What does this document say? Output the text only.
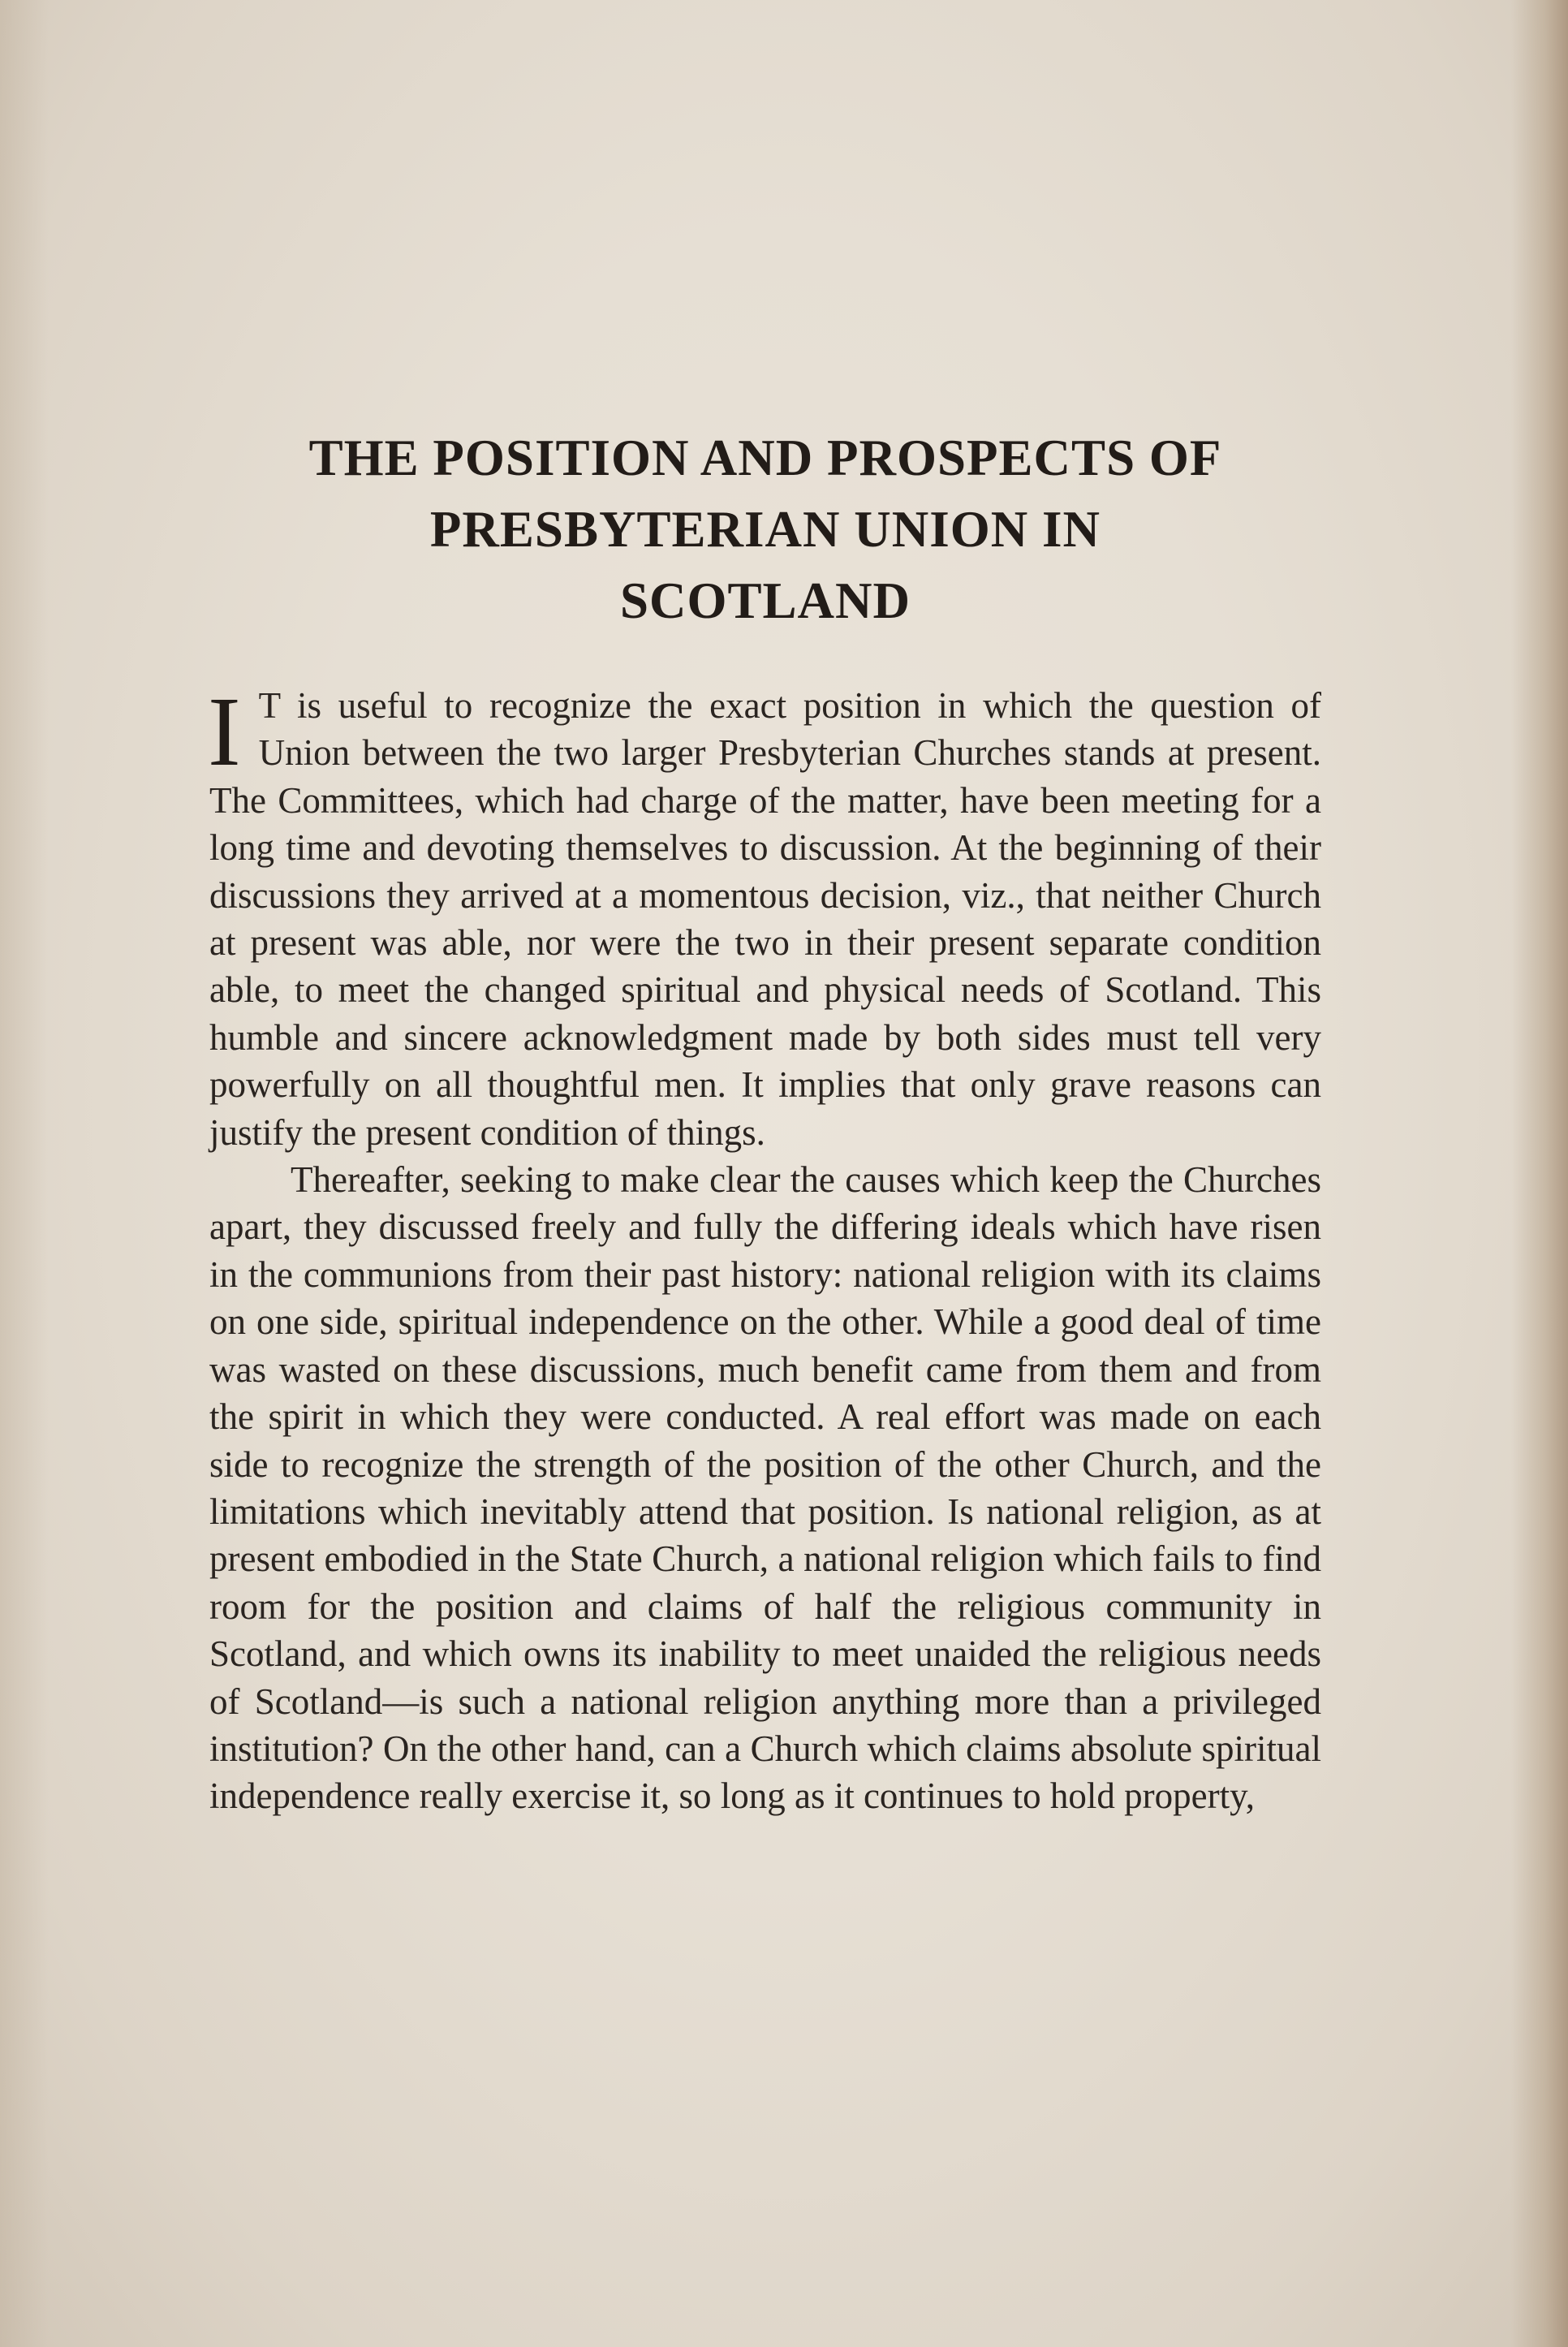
THE POSITION AND PROSPECTS OF
PRESBYTERIAN UNION IN
SCOTLAND

I T is useful to recognize the exact position in which the question of Union between the two larger Presbyterian Churches stands at present. The Committees, which had charge of the matter, have been meeting for a long time and devoting themselves to discussion. At the beginning of their discussions they arrived at a momentous decision, viz., that neither Church at present was able, nor were the two in their present separate condition able, to meet the changed spiritual and physical needs of Scotland. This humble and sincere acknowledgment made by both sides must tell very powerfully on all thoughtful men. It implies that only grave reasons can justify the present condition of things.

Thereafter, seeking to make clear the causes which keep the Churches apart, they discussed freely and fully the differing ideals which have risen in the communions from their past history: national religion with its claims on one side, spiritual independence on the other. While a good deal of time was wasted on these discussions, much benefit came from them and from the spirit in which they were conducted. A real effort was made on each side to recognize the strength of the position of the other Church, and the limitations which inevitably attend that position. Is national religion, as at present embodied in the State Church, a national religion which fails to find room for the position and claims of half the religious community in Scotland, and which owns its inability to meet unaided the religious needs of Scotland—is such a national religion anything more than a privileged institution? On the other hand, can a Church which claims absolute spiritual independence really exercise it, so long as it continues to hold property,
